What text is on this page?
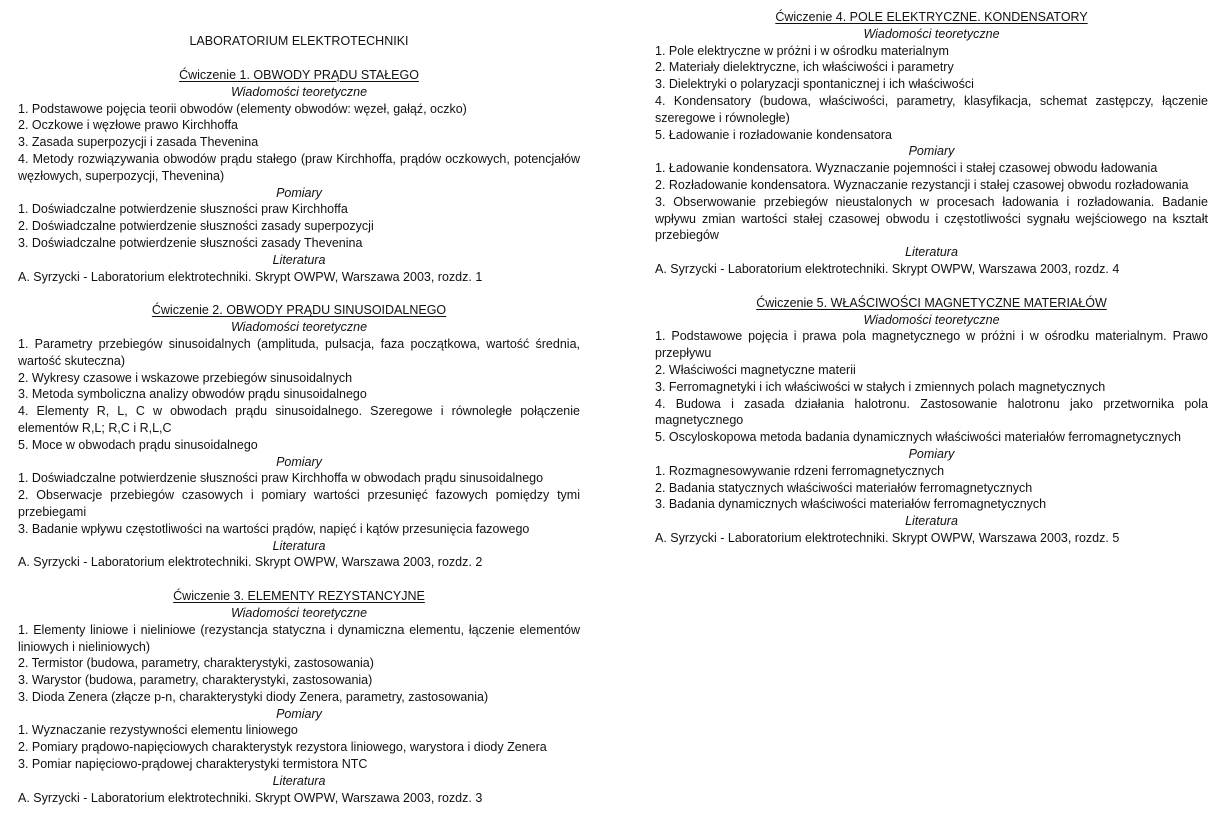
LABORATORIUM ELEKTROTECHNIKI

Ćwiczenie 1. OBWODY PRĄDU STAŁEGO

Wiadomości teoretyczne

1. Podstawowe pojęcia teorii obwodów (elementy obwodów: węzeł, gałąź, oczko)

2. Oczkowe i węzłowe prawo Kirchhoffa

3. Zasada superpozycji i zasada Thevenina

4. Metody rozwiązywania obwodów prądu stałego (praw Kirchhoffa, prądów oczkowych, potencjałów węzłowych, superpozycji, Thevenina)

Pomiary

1. Doświadczalne potwierdzenie słuszności praw Kirchhoffa

2. Doświadczalne potwierdzenie słuszności zasady superpozycji

3. Doświadczalne potwierdzenie słuszności zasady Thevenina

Literatura

A. Syrzycki - Laboratorium elektrotechniki. Skrypt OWPW, Warszawa 2003, rozdz. 1

Ćwiczenie 2. OBWODY PRĄDU SINUSOIDALNEGO

Wiadomości teoretyczne

1. Parametry przebiegów sinusoidalnych (amplituda, pulsacja, faza początkowa, wartość średnia, wartość skuteczna)

2. Wykresy czasowe i wskazowe przebiegów sinusoidalnych

3. Metoda symboliczna analizy obwodów prądu sinusoidalnego

4. Elementy R, L, C w obwodach prądu sinusoidalnego. Szeregowe i równoległe połączenie elementów R,L; R,C i R,L,C

5. Moce w obwodach prądu sinusoidalnego

Pomiary

1. Doświadczalne potwierdzenie słuszności praw Kirchhoffa w obwodach prądu sinusoidalnego

2. Obserwacje przebiegów czasowych i pomiary wartości przesunięć fazowych pomiędzy tymi przebiegami

3. Badanie wpływu częstotliwości na wartości prądów, napięć i kątów przesunięcia fazowego

Literatura

A. Syrzycki - Laboratorium elektrotechniki. Skrypt OWPW, Warszawa 2003, rozdz. 2

Ćwiczenie 3. ELEMENTY REZYSTANCYJNE

Wiadomości teoretyczne

1. Elementy liniowe i nieliniowe (rezystancja statyczna i dynamiczna elementu, łączenie elementów liniowych i nieliniowych)

2. Termistor (budowa, parametry, charakterystyki, zastosowania)

3. Warystor (budowa, parametry, charakterystyki, zastosowania)

3. Dioda Zenera (złącze p-n, charakterystyki diody Zenera, parametry, zastosowania)

Pomiary

1. Wyznaczanie rezystywności elementu liniowego

2. Pomiary prądowo-napięciowych charakterystyk rezystora liniowego, warystora i diody Zenera

3. Pomiar napięciowo-prądowej charakterystyki termistora NTC

Literatura

A. Syrzycki - Laboratorium elektrotechniki. Skrypt OWPW, Warszawa 2003, rozdz. 3

Ćwiczenie 4. POLE ELEKTRYCZNE. KONDENSATORY

Wiadomości teoretyczne

1. Pole elektryczne w próżni i w ośrodku materialnym

2. Materiały dielektryczne, ich właściwości i parametry

3. Dielektryki o polaryzacji spontanicznej i ich właściwości

4. Kondensatory (budowa, właściwości, parametry, klasyfikacja, schemat zastępczy, łączenie szeregowe i równoległe)

5. Ładowanie i rozładowanie kondensatora

Pomiary

1. Ładowanie kondensatora. Wyznaczanie pojemności i stałej czasowej obwodu ładowania

2. Rozładowanie kondensatora. Wyznaczanie rezystancji i stałej czasowej obwodu rozładowania

3. Obserwowanie przebiegów nieustalonych w procesach ładowania i rozładowania. Badanie wpływu zmian wartości stałej czasowej obwodu i częstotliwości sygnału wejściowego na kształt przebiegów

Literatura

A. Syrzycki - Laboratorium elektrotechniki. Skrypt OWPW, Warszawa 2003, rozdz. 4

Ćwiczenie 5. WŁAŚCIWOŚCI MAGNETYCZNE MATERIAŁÓW

Wiadomości teoretyczne

1. Podstawowe pojęcia i prawa pola magnetycznego w próżni i w ośrodku materialnym. Prawo przepływu

2. Właściwości magnetyczne materii

3. Ferromagnetyki i ich właściwości w stałych i zmiennych polach magnetycznych

4. Budowa i zasada działania halotronu. Zastosowanie halotronu jako przetwornika pola magnetycznego

5. Oscyloskopowa metoda badania dynamicznych właściwości materiałów ferromagnetycznych

Pomiary

1. Rozmagnesowywanie rdzeni ferromagnetycznych

2. Badania statycznych właściwości materiałów ferromagnetycznych

3. Badania dynamicznych właściwości materiałów ferromagnetycznych

Literatura

A. Syrzycki - Laboratorium elektrotechniki. Skrypt OWPW, Warszawa 2003, rozdz. 5
